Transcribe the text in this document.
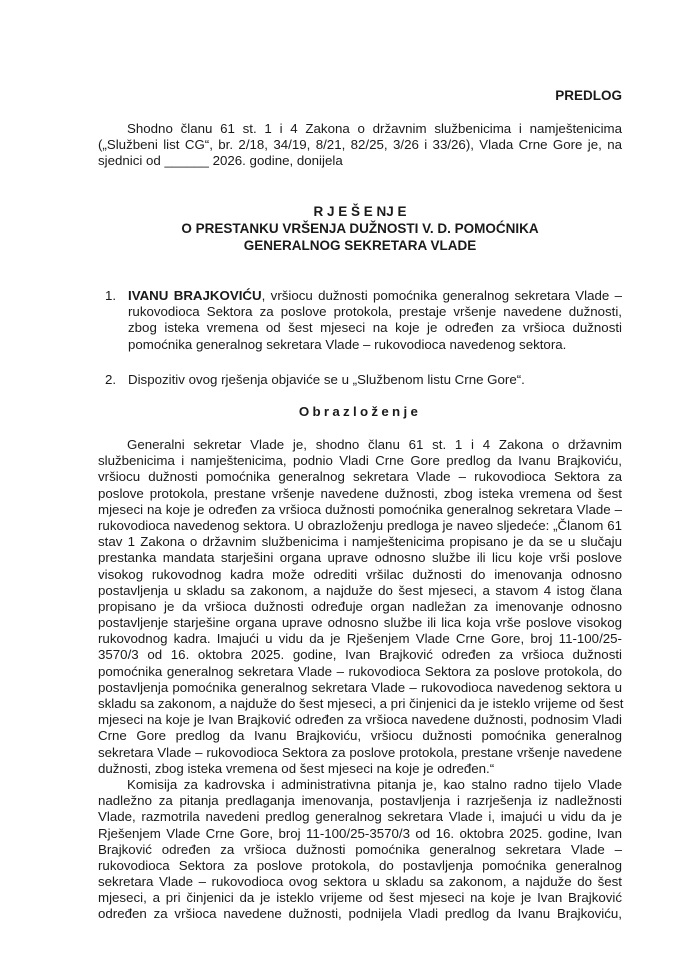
PREDLOG
Shodno članu 61 st. 1 i 4 Zakona o državnim službenicima i namještenicima
(„Službeni list CG“, br. 2/18, 34/19, 8/21, 82/25, 3/26 i 33/26), Vlada Crne Gore je, na
sjednici od ______ 2026. godine, donijela
R J E Š E NJ E
O PRESTANKU VRŠENJA DUŽNOSTI V. D. POMOĆNIKA
GENERALNOG SEKRETARA VLADE
1. IVANU BRAJKOVIĆU, vršiocu dužnosti pomoćnika generalnog sekretara Vlade –
rukovodioca Sektora za poslove protokola, prestaje vršenje navedene dužnosti,
zbog isteka vremena od šest mjeseci na koje je određen za vršioca dužnosti
pomoćnika generalnog sekretara Vlade – rukovodioca navedenog sektora.
2. Dispozitiv ovog rješenja objaviće se u „Službenom listu Crne Gore“.
Obrazloženje
Generalni sekretar Vlade je, shodno članu 61 st. 1 i 4 Zakona o državnim
službenicima i namještenicima, podnio Vladi Crne Gore predlog da Ivanu Brajkoviću,
vršiocu dužnosti pomoćnika generalnog sekretara Vlade – rukovodioca Sektora za
poslove protokola, prestane vršenje navedene dužnosti, zbog isteka vremena od šest
mjeseci na koje je određen za vršioca dužnosti pomoćnika generalnog sekretara Vlade –
rukovodioca navedenog sektora. U obrazloženju predloga je naveo sljedeće: „Članom 61
stav 1 Zakona o državnim službenicima i namještenicima propisano je da se u slučaju
prestanka mandata starješini organa uprave odnosno službe ili licu koje vrši poslove
visokog rukovodnog kadra može odrediti vršilac dužnosti do imenovanja odnosno
postavljenja u skladu sa zakonom, a najduže do šest mjeseci, a stavom 4 istog člana
propisano je da vršioca dužnosti određuje organ nadležan za imenovanje odnosno
postavljenje starješine organa uprave odnosno službe ili lica koja vrše poslove visokog
rukovodnog kadra. Imajući u vidu da je Rješenjem Vlade Crne Gore, broj 11-100/25-
3570/3 od 16. oktobra 2025. godine, Ivan Brajković određen za vršioca dužnosti
pomoćnika generalnog sekretara Vlade – rukovodioca Sektora za poslove protokola, do
postavljenja pomoćnika generalnog sekretara Vlade – rukovodioca navedenog sektora u
skladu sa zakonom, a najduže do šest mjeseci, a pri činjenici da je isteklo vrijeme od šest
mjeseci na koje je Ivan Brajković određen za vršioca navedene dužnosti, podnosim Vladi
Crne Gore predlog da Ivanu Brajkoviću, vršiocu dužnosti pomoćnika generalnog
sekretara Vlade – rukovodioca Sektora za poslove protokola, prestane vršenje navedene
dužnosti, zbog isteka vremena od šest mjeseci na koje je određen.“
Komisija za kadrovska i administrativna pitanja je, kao stalno radno tijelo Vlade
nadležno za pitanja predlaganja imenovanja, postavljenja i razrješenja iz nadležnosti
Vlade, razmotrila navedeni predlog generalnog sekretara Vlade i, imajući u vidu da je
Rješenjem Vlade Crne Gore, broj 11-100/25-3570/3 od 16. oktobra 2025. godine, Ivan
Brajković određen za vršioca dužnosti pomoćnika generalnog sekretara Vlade –
rukovodioca Sektora za poslove protokola, do postavljenja pomoćnika generalnog
sekretara Vlade – rukovodioca ovog sektora u skladu sa zakonom, a najduže do šest
mjeseci, a pri činjenici da je isteklo vrijeme od šest mjeseci na koje je Ivan Brajković
određen za vršioca navedene dužnosti, podnijela Vladi predlog da Ivanu Brajkoviću,
